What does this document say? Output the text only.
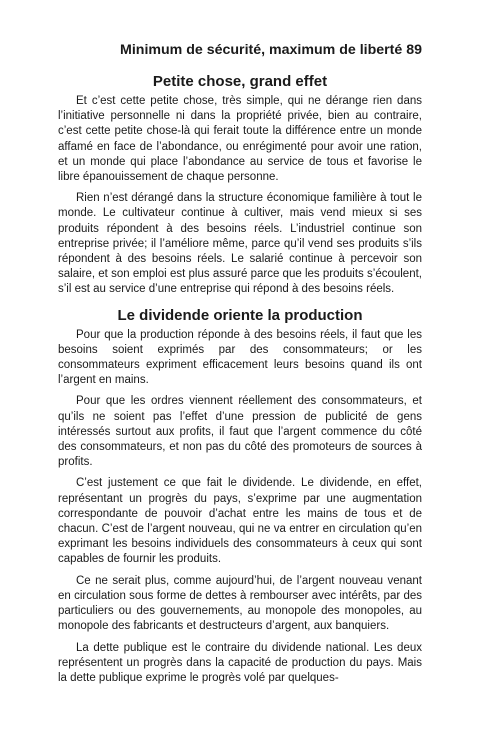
Minimum de sécurité, maximum de liberté 89
Petite chose, grand effet

Et c’est cette petite chose, très simple, qui ne dérange rien dans l’initiative personnelle ni dans la propriété privée, bien au contraire, c’est cette petite chose-là qui ferait toute la différence entre un monde affamé en face de l’abondance, ou enrégimenté pour avoir une ration, et un monde qui place l’abondance au service de tous et favorise le libre épanouissement de chaque personne.

Rien n’est dérangé dans la structure économique familière à tout le monde. Le cultivateur continue à cultiver, mais vend mieux si ses produits répondent à des besoins réels. L’industriel continue son entreprise privée; il l’améliore même, parce qu’il vend ses produits s’ils répondent à des besoins réels. Le salarié continue à percevoir son salaire, et son emploi est plus assuré parce que les produits s’écoulent, s’il est au service d’une entreprise qui répond à des besoins réels.

Le dividende oriente la production

Pour que la production réponde à des besoins réels, il faut que les besoins soient exprimés par des consommateurs; or les consommateurs expriment efficacement leurs besoins quand ils ont l’argent en mains.

Pour que les ordres viennent réellement des consommateurs, et qu’ils ne soient pas l’effet d’une pression de publicité de gens intéressés surtout aux profits, il faut que l’argent commence du côté des consommateurs, et non pas du côté des promoteurs de sources à profits.

C’est justement ce que fait le dividende. Le dividende, en effet, représentant un progrès du pays, s’exprime par une augmentation correspondante de pouvoir d’achat entre les mains de tous et de chacun. C’est de l’argent nouveau, qui ne va entrer en circulation qu’en exprimant les besoins individuels des consommateurs à ceux qui sont capables de fournir les produits.

Ce ne serait plus, comme aujourd’hui, de l’argent nouveau venant en circulation sous forme de dettes à rembourser avec intérêts, par des particuliers ou des gouvernements, au monopole des monopoles, au monopole des fabricants et destructeurs d’argent, aux banquiers.

La dette publique est le contraire du dividende national. Les deux représentent un progrès dans la capacité de production du pays. Mais la dette publique exprime le progrès volé par quelques-
